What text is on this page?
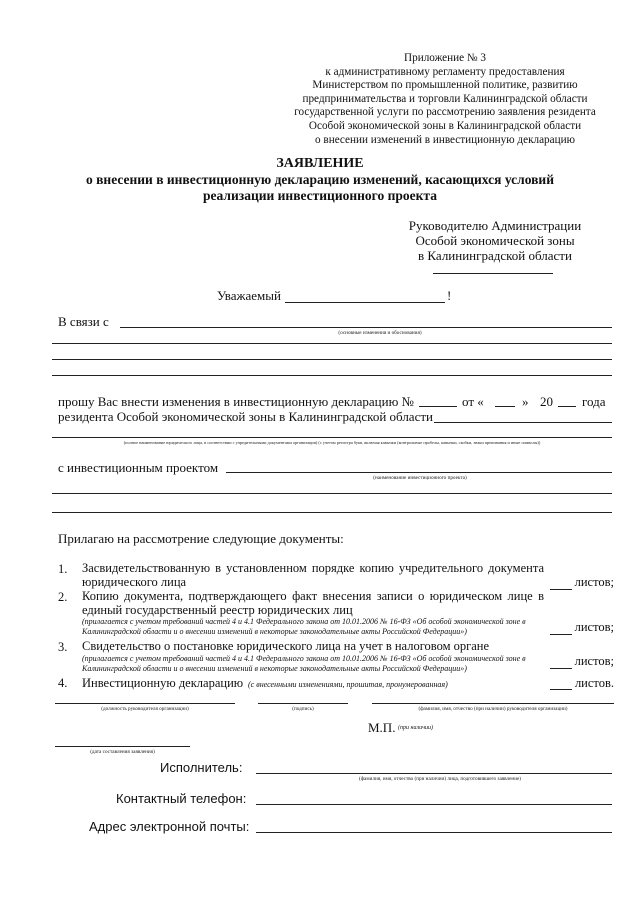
Приложение № 3
к административному регламенту предоставления
Министерством по промышленной политике, развитию
предпринимательства и торговли Калининградской области
государственной услуги по рассмотрению заявления резидента
Особой экономической зоны в Калининградской области
о внесении изменений в инвестиционную декларацию
ЗАЯВЛЕНИЕ
о внесении в инвестиционную декларацию изменений, касающихся условий
реализации инвестиционного проекта
Руководителю Администрации
Особой экономической зоны
в Калининградской области
Уважаемый	!
В связи с
(основные изменения и обоснования)
прошу Вас внести изменения в инвестиционную декларацию №	от «	» 20 года
резидента Особой экономической зоны в Калининградской области
(полное наименование юридического лица, в соответствии с учредительными документами организации) (с учетом регистра букв, включая кавычки (контрольные пробелы, кавычки, скобки, знаки препинания и иные символы))
с инвестиционным проектом
(наименование инвестиционного проекта)
Прилагаю на рассмотрение следующие документы:
1. Засвидетельствованную в установленном порядке копию учредительного документа юридического лица	листов;
2. Копию документа, подтверждающего факт внесения записи о юридическом лице в единый государственный реестр юридических лиц
(прилагается с учетом требований частей 4 и 4.1 Федерального закона от 10.01.2006 № 16-ФЗ «Об особой экономической зоне в Калининградской области и о внесении изменений в некоторые законодательные акты Российской Федерации»)	листов;
3. Свидетельство о постановке юридического лица на учет в налоговом органе
(прилагается с учетом требований частей 4 и 4.1 Федерального закона от 10.01.2006 № 16-ФЗ «Об особой экономической зоне в Калининградской области и о внесении изменений в некоторые законодательные акты Российской Федерации»)	листов;
4. Инвестиционную декларацию (с внесенными изменениями, прошитая, пронумерованная)	листов.
(должность руководителя организации)	(подпись)	(фамилия, имя, отчество (при наличии) руководителя организации)
М.П. (при наличии)
(дата составления заявления)
Исполнитель:
(фамилия, имя, отчество (при наличии) лица, подготовившего заявление)
Контактный телефон:
Адрес электронной почты:
